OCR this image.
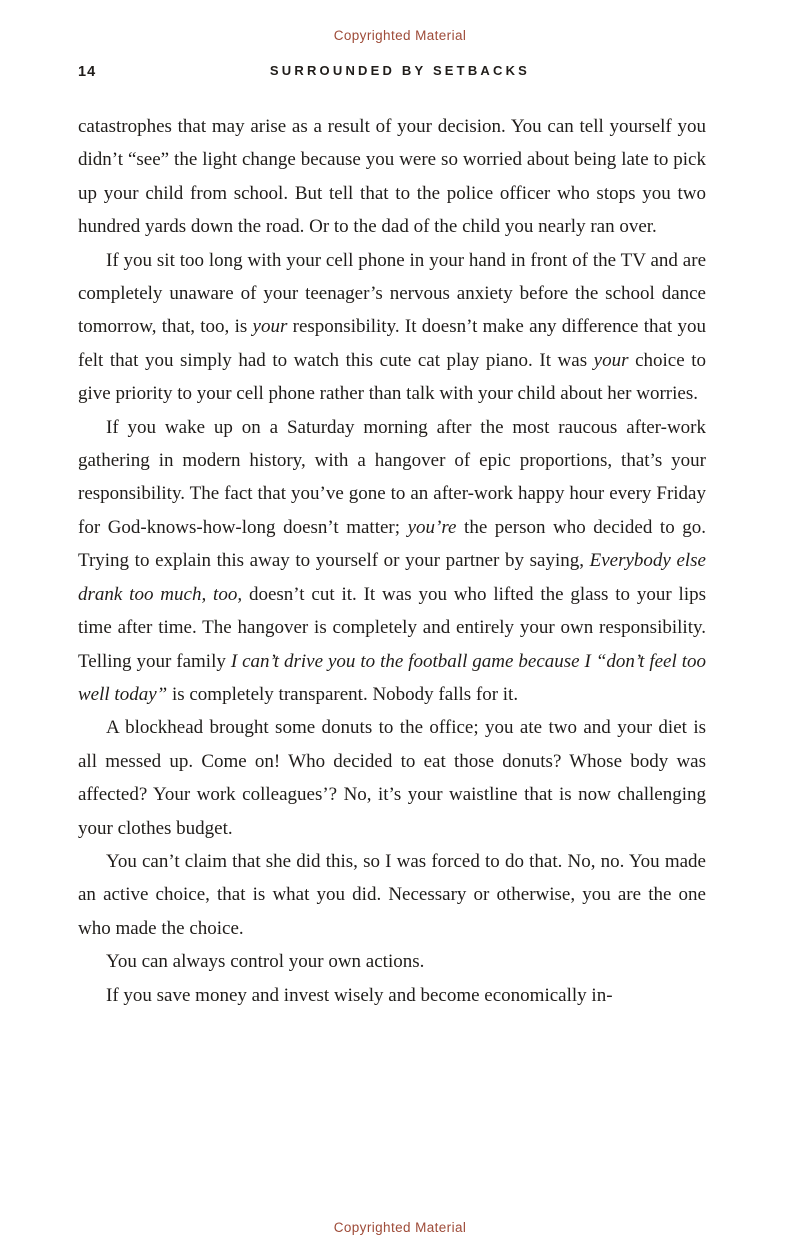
Copyrighted Material
14	SURROUNDED BY SETBACKS

catastrophes that may arise as a result of your decision. You can tell yourself you didn’t “see” the light change because you were so worried about being late to pick up your child from school. But tell that to the police officer who stops you two hundred yards down the road. Or to the dad of the child you nearly ran over.

If you sit too long with your cell phone in your hand in front of the TV and are completely unaware of your teenager’s nervous anxiety before the school dance tomorrow, that, too, is your responsibility. It doesn’t make any difference that you felt that you simply had to watch this cute cat play piano. It was your choice to give priority to your cell phone rather than talk with your child about her worries.

If you wake up on a Saturday morning after the most raucous after-work gathering in modern history, with a hangover of epic proportions, that’s your responsibility. The fact that you’ve gone to an after-work happy hour every Friday for God-knows-how-long doesn’t matter; you’re the person who decided to go. Trying to explain this away to yourself or your partner by saying, Everybody else drank too much, too, doesn’t cut it. It was you who lifted the glass to your lips time after time. The hangover is completely and entirely your own responsibility. Telling your family I can’t drive you to the football game because I “don’t feel too well today” is completely transparent. Nobody falls for it.

A blockhead brought some donuts to the office; you ate two and your diet is all messed up. Come on! Who decided to eat those donuts? Whose body was affected? Your work colleagues’? No, it’s your waistline that is now challenging your clothes budget.

You can’t claim that she did this, so I was forced to do that. No, no. You made an active choice, that is what you did. Necessary or otherwise, you are the one who made the choice.

You can always control your own actions.

If you save money and invest wisely and become economically in-

Copyrighted Material
